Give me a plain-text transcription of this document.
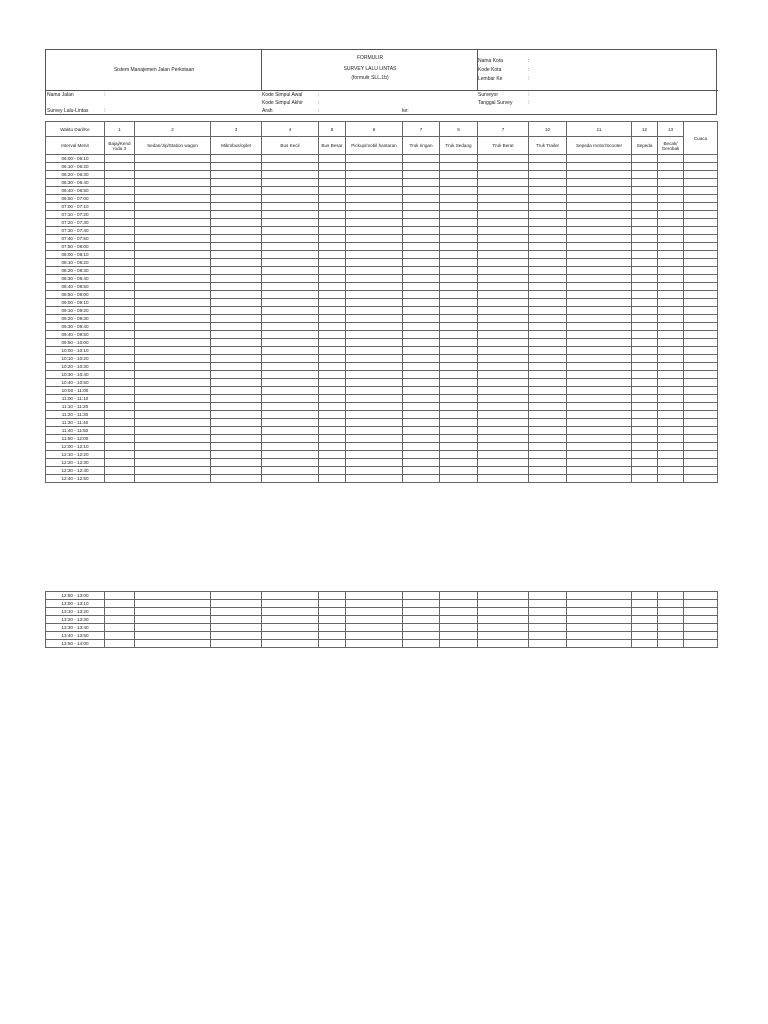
Sistem Manajemen Jalan Perkotaan
FORMULIR
SURVEY LALU LINTAS
(formulir SLL.1b)
Nama Kota	:
Kode Kota	:
Lembar Ke	:
Nama Jalan	:
Survey Lalu-Lintas	:
Kode Simpul Awal	:
Kode Simpul Akhir	:
Arah	:	ke:
Surveyor	:
Tanggal Survey	:
Waktu Dari/Ke	1	2	3	4	5	6	7	6	7	10	11	12	13	Cuaca
Interval Menit	Bajaj/Kend roda 3	Sedan/Jip/Station wagon	Mikrobus/oplet	Bus Kecil	Bus Besar	Pickup/mobil hantaran	Truk ringan	Truk Sedang	Truk Berat	Truk Trailer	Sepeda motor/Scooter	Sepeda	Becak/ Gerobak	
06:00 - 06:10														
06:10 - 06:20														
06:20 - 06:30														
06:30 - 06:40														
06:40 - 06:50														
06:50 - 07:00														
07:00 - 07:10														
07:10 - 07:20														
07:20 - 07:30														
07:30 - 07:40														
07:40 - 07:50														
07:50 - 08:00														
08:00 - 08:10														
08:10 - 08:20														
08:20 - 08:30														
08:30 - 08:40														
08:40 - 08:50														
08:50 - 09:00														
09:00 - 09:10														
09:10 - 09:20														
09:20 - 09:30														
09:30 - 09:40														
09:40 - 09:50														
09:50 - 10:00														
10:00 - 10:10														
10:10 - 10:20														
10:20 - 10:30														
10:30 - 10:40														
10:40 - 10:50														
10:50 - 11:00														
11:00 - 11:10														
11:10 - 11:20														
11:20 - 11:30														
11:30 - 11:40														
11:40 - 11:50														
11:50 - 12:00														
12:00 - 12:10														
12:10 - 12:20														
12:20 - 12:30														
12:30 - 12:40														
12:40 - 12:50														
12:50 - 13:00														
13:00 - 13:10														
13:10 - 13:20														
13:20 - 13:30														
13:30 - 13:40														
13:40 - 13:50														
13:50 - 14:00														
